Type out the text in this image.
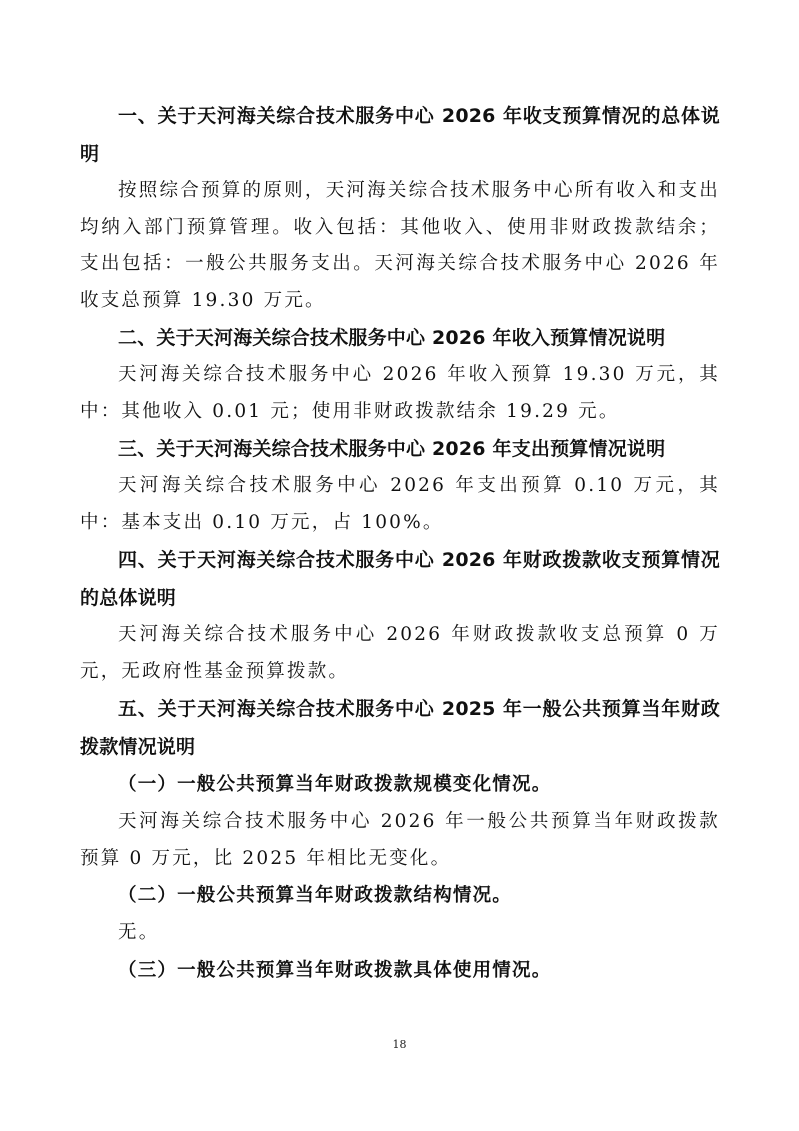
一、关于天河海关综合技术服务中心 2026 年收支预算情况的总体说明

按照综合预算的原则，天河海关综合技术服务中心所有收入和支出均纳入部门预算管理。收入包括：其他收入、使用非财政拨款结余；支出包括：一般公共服务支出。天河海关综合技术服务中心 2026 年收支总预算 19.30 万元。

二、关于天河海关综合技术服务中心 2026 年收入预算情况说明

天河海关综合技术服务中心 2026 年收入预算 19.30 万元，其中：其他收入 0.01 元；使用非财政拨款结余 19.29 元。

三、关于天河海关综合技术服务中心 2026 年支出预算情况说明

天河海关综合技术服务中心 2026 年支出预算 0.10 万元，其中：基本支出 0.10 万元，占 100%。

四、关于天河海关综合技术服务中心 2026 年财政拨款收支预算情况的总体说明

天河海关综合技术服务中心 2026 年财政拨款收支总预算 0 万元，无政府性基金预算拨款。

五、关于天河海关综合技术服务中心 2025 年一般公共预算当年财政拨款情况说明

（一）一般公共预算当年财政拨款规模变化情况。

天河海关综合技术服务中心 2026 年一般公共预算当年财政拨款预算 0 万元，比 2025 年相比无变化。

（二）一般公共预算当年财政拨款结构情况。

无。

（三）一般公共预算当年财政拨款具体使用情况。

18
